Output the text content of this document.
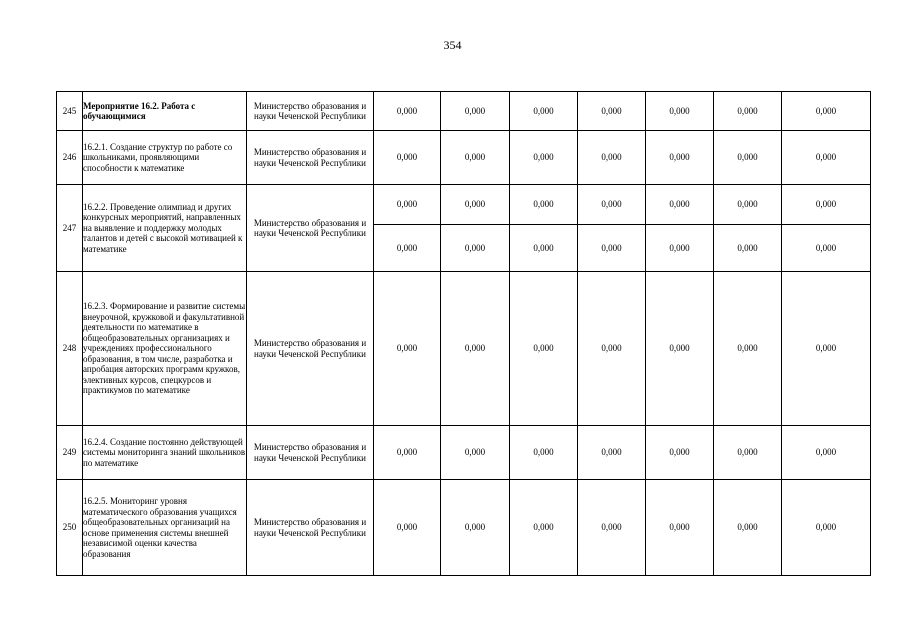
354
245	Мероприятие 16.2. Работа с обучающимися	Министерство образования и науки Чеченской Республики	0,000	0,000	0,000	0,000	0,000	0,000	0,000
246	16.2.1. Создание структур по работе со школьниками, проявляющими способности к математике	Министерство образования и науки Чеченской Республики	0,000	0,000	0,000	0,000	0,000	0,000	0,000
247	16.2.2. Проведение олимпиад и других конкурсных мероприятий, направленных на выявление и поддержку молодых талантов и детей с высокой мотивацией к математике	Министерство образования и науки Чеченской Республики	0,000	0,000	0,000	0,000	0,000	0,000	0,000
			0,000	0,000	0,000	0,000	0,000	0,000	0,000
248	16.2.3. Формирование и развитие системы внеурочной, кружковой и факультативной деятельности по математике в общеобразовательных организациях и учреждениях профессионального образования, в том числе, разработка и апробация авторских программ кружков, элективных курсов, спецкурсов и практикумов по математике	Министерство образования и науки Чеченской Республики	0,000	0,000	0,000	0,000	0,000	0,000	0,000
249	16.2.4. Создание постоянно действующей системы мониторинга знаний школьников по математике	Министерство образования и науки Чеченской Республики	0,000	0,000	0,000	0,000	0,000	0,000	0,000
250	16.2.5. Мониторинг уровня математического образования учащихся общеобразовательных организаций на основе применения системы внешней независимой оценки качества образования	Министерство образования и науки Чеченской Республики	0,000	0,000	0,000	0,000	0,000	0,000	0,000
